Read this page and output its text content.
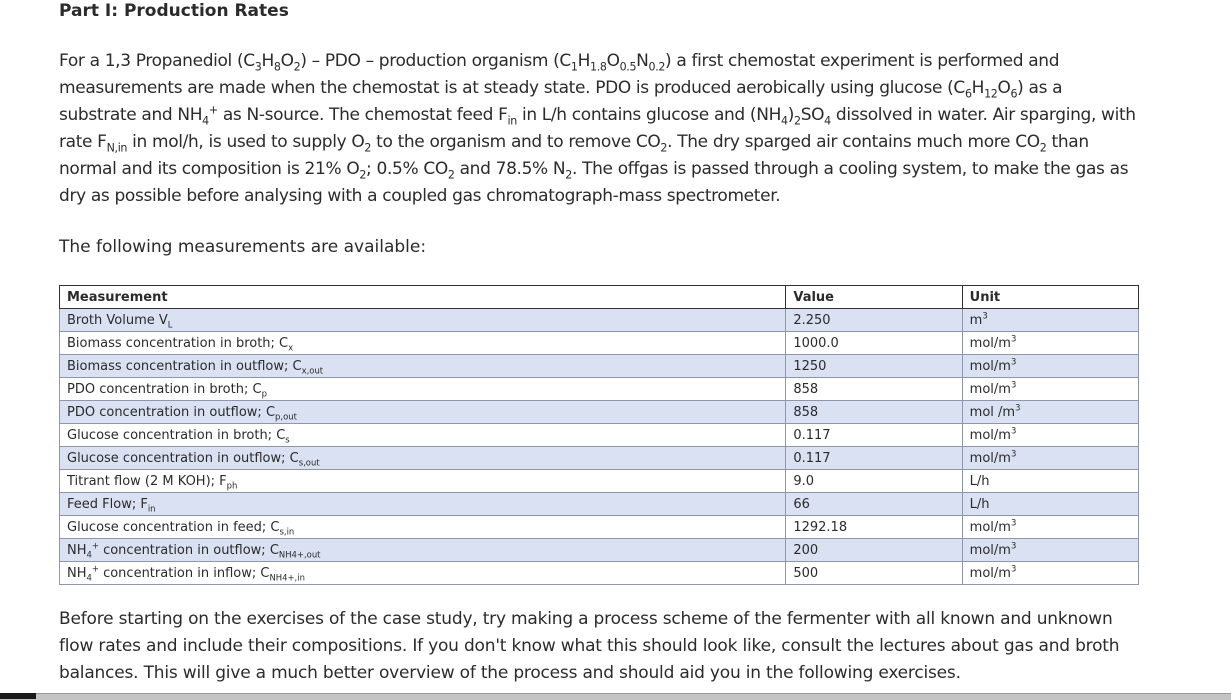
Part I: Production Rates
For a 1,3 Propanediol $(C_3H_8O_2)$ – PDO – production organism $(C_1H_{1.8}O_{0.5}N_{0.2})$ a first chemostat experiment is performed and measurements are made when the chemostat is at steady state. PDO is produced aerobically using glucose $(C_6H_{12}O_6)$ as a substrate and $NH_4^+$ as N-source. The chemostat feed $F_{in}$ in L/h contains glucose and $(NH_4)_2SO_4$ dissolved in water. Air sparging, with rate $F_{N,in}$ in mol/h, is used to supply $O_2$ to the organism and to remove $CO_2$. The dry sparged air contains much more $CO_2$ than normal and its composition is 21% $O_2$; 0.5% $CO_2$ and 78.5% $N_2$. The offgas is passed through a cooling system, to make the gas as dry as possible before analysing with a coupled gas chromatograph-mass spectrometer.
The following measurements are available:
Measurement	Value	Unit
Broth Volume $V_L$	2.250	$m^3$
Biomass concentration in broth; $C_x$	1000.0	mol/$m^3$
Biomass concentration in outflow; $C_{x,out}$	1250	mol/$m^3$
PDO concentration in broth; $C_p$	858	mol/$m^3$
PDO concentration in outflow; $C_{p,out}$	858	mol $/m^3$
Glucose concentration in broth; $C_s$	0.117	mol/$m^3$
Glucose concentration in outflow; $C_{s,out}$	0.117	mol/$m^3$
Titrant flow (2 M KOH); $F_{ph}$	9.0	L/h
Feed Flow; $F_{in}$	66	L/h
Glucose concentration in feed; $C_{s,in}$	1292.18	mol/$m^3$
$NH_4^+$ concentration in outflow; $C_{NH4+,out}$	200	mol/$m^3$
$NH_4^+$ concentration in inflow; $C_{NH4+,in}$	500	mol/$m^3$
Before starting on the exercises of the case study, try making a process scheme of the fermenter with all known and unknown flow rates and include their compositions. If you don't know what this should look like, consult the lectures about gas and broth balances. This will give a much better overview of the process and should aid you in the following exercises.
